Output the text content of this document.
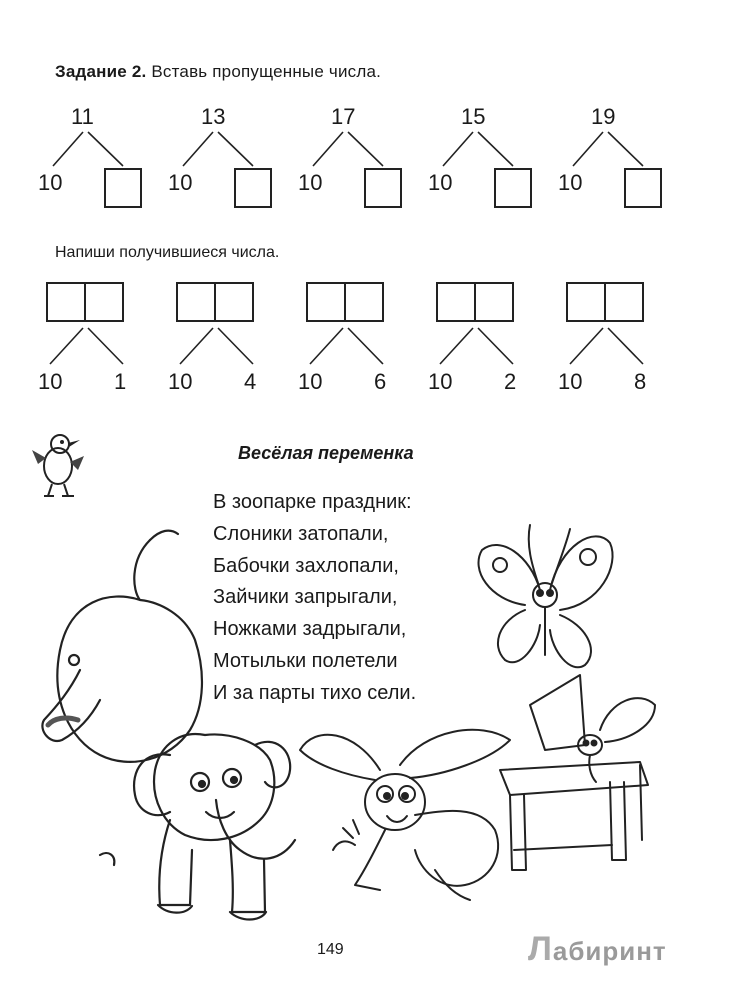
Задание 2. Вставь пропущенные числа.
11
10
13
10
17
10
15
10
19
10
Напиши получившиеся числа.
10 1 10 4 10 6 10 2 10 8
Весёлая переменка
В зоопарке праздник:
Слоники затопали,
Бабочки захлопали,
Зайчики запрыгали,
Ножками задрыгали,
Мотыльки полетели
И за парты тихо сели.
149	Лабиринт
